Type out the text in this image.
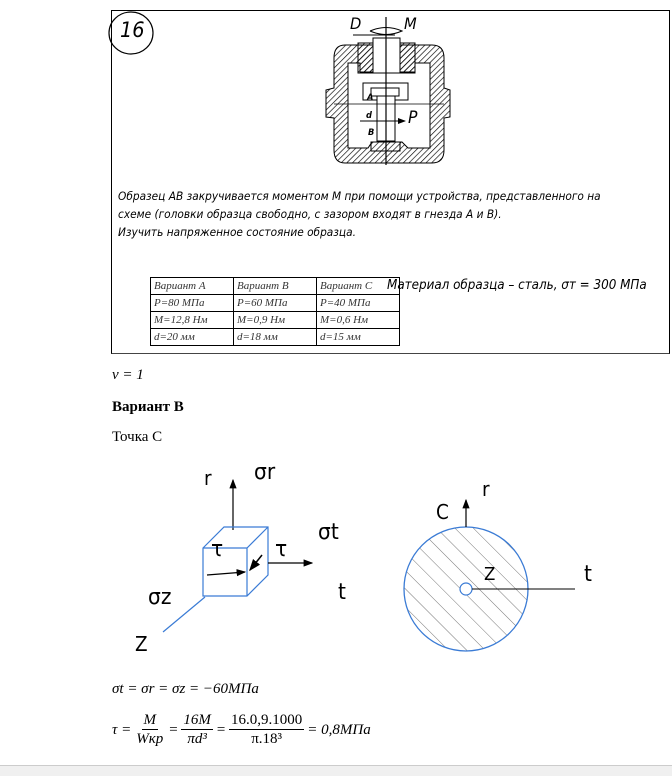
D	M
A
d P
B
16
Образец AB закручивается моментом M при помощи устройства, представленного на
схеме (головки образца свободно, с зазором входят в гнезда A и B).
Изучить напряженное состояние образца.
Вариант A	Вариант B	Вариант C
P=80 МПа	P=60 МПа	P=40 МПа
M=12,8 Нм	M=0,9 Нм	M=0,6 Нм
d=20 мм	d=18 мм	d=15 мм
Материал образца – сталь, σт = 300 МПа
ν = 1
Вариант В
Точка C
r σr
τ τ
σt
t
σz
Z
C
r
Z	t
σt = σr = σz = −60МПа
$\tau = \frac{M}{\text{Wкр}} = \frac{16M}{\text{πd³}} = \frac{16.0,9.1000}{\text{π.18³}} = 0,8МПа$
